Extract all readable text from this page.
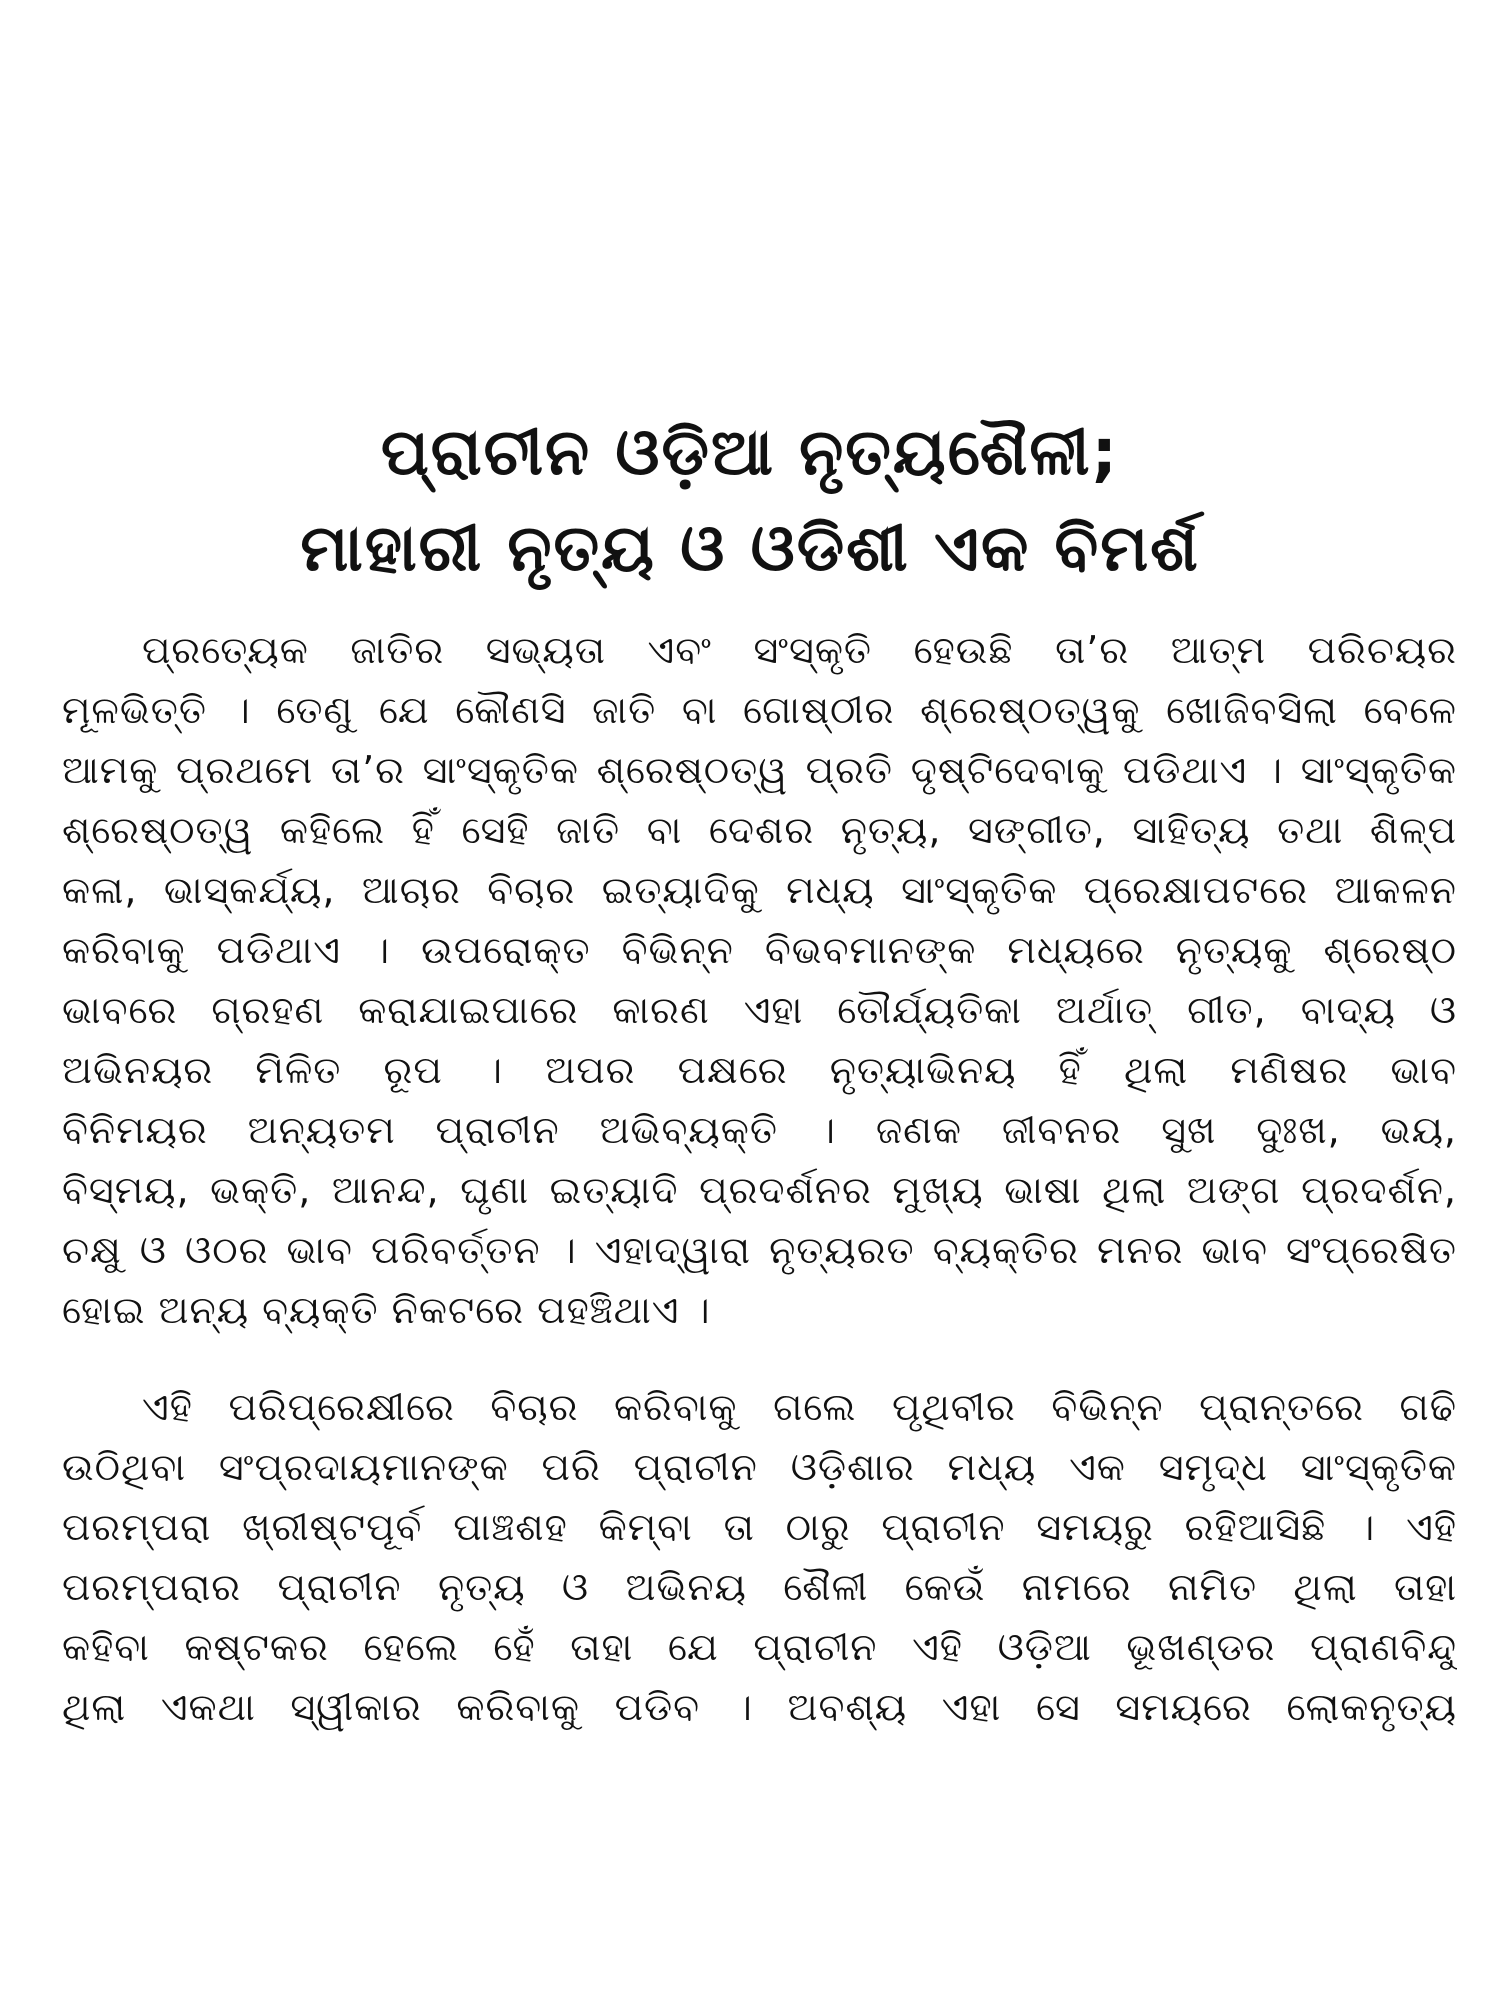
ପ୍ରାଚୀନ ଓଡ଼ିଆ ନୃତ୍ୟଶୈଳୀ;
ମାହାରୀ ନୃତ୍ୟ ଓ ଓଡିଶୀ ଏକ ବିମର୍ଶ
ପ୍ରତ୍ୟେକ ଜାତିର ସଭ୍ୟତା ଏବଂ ସଂସ୍କୃତି ହେଉଛି ତା’ର ଆତ୍ମ ପରିଚୟର
ମୂଳଭିତ୍ତି । ତେଣୁ ଯେ କୌଣସି ଜାତି ବା ଗୋଷ୍ଠୀର ଶ୍ରେଷ୍ଠତ୍ୱକୁ ଖୋଜିବସିଲା ବେଳେ
ଆମକୁ ପ୍ରଥମେ ତା’ର ସାଂସ୍କୃତିକ ଶ୍ରେଷ୍ଠତ୍ୱ ପ୍ରତି ଦୃଷ୍ଟିଦେବାକୁ ପଡିଥାଏ । ସାଂସ୍କୃତିକ
ଶ୍ରେଷ୍ଠତ୍ୱ କହିଲେ ହିଁ ସେହି ଜାତି ବା ଦେଶର ନୃତ୍ୟ, ସଙ୍ଗୀତ, ସାହିତ୍ୟ ତଥା ଶିଳ୍ପ
କଳା, ଭାସ୍କର୍ଯ୍ୟ, ଆଚାର ବିଚାର ଇତ୍ୟାଦିକୁ ମଧ୍ୟ ସାଂସ୍କୃତିକ ପ୍ରେକ୍ଷାପଟରେ ଆକଳନ
କରିବାକୁ ପଡିଥାଏ । ଉପରୋକ୍ତ ବିଭିନ୍ନ ବିଭବମାନଙ୍କ ମଧ୍ୟରେ ନୃତ୍ୟକୁ ଶ୍ରେଷ୍ଠ
ଭାବରେ ଗ୍ରହଣ କରାଯାଇପାରେ କାରଣ ଏହା ତୌର୍ଯ୍ୟତିକା ଅର୍ଥାତ୍ ଗୀତ, ବାଦ୍ୟ ଓ
ଅଭିନୟର ମିଳିତ ରୂପ । ଅପର ପକ୍ଷରେ ନୃତ୍ୟାଭିନୟ ହିଁ ଥିଲା ମଣିଷର ଭାବ
ବିନିମୟର ଅନ୍ୟତମ ପ୍ରାଚୀନ ଅଭିବ୍ୟକ୍ତି । ଜଣକ ଜୀବନର ସୁଖ ଦୁଃଖ, ଭୟ,
ବିସ୍ମୟ, ଭକ୍ତି, ଆନନ୍ଦ, ଘୃଣା ଇତ୍ୟାଦି ପ୍ରଦର୍ଶନର ମୁଖ୍ୟ ଭାଷା ଥିଲା ଅଙ୍ଗ ପ୍ରଦର୍ଶନ,
ଚକ୍ଷୁ ଓ ଓଠର ଭାବ ପରିବର୍ତ୍ତନ । ଏହାଦ୍ୱାରା ନୃତ୍ୟରତ ବ୍ୟକ୍ତିର ମନର ଭାବ ସଂପ୍ରେଷିତ
ହୋଇ ଅନ୍ୟ ବ୍ୟକ୍ତି ନିକଟରେ ପହଞ୍ଚିଥାଏ ।
ଏହି ପରିପ୍ରେକ୍ଷୀରେ ବିଚାର କରିବାକୁ ଗଲେ ପୃଥିବୀର ବିଭିନ୍ନ ପ୍ରାନ୍ତରେ ଗଢି
ଉଠିଥିବା ସଂପ୍ରଦାୟମାନଙ୍କ ପରି ପ୍ରାଚୀନ ଓଡ଼ିଶାର ମଧ୍ୟ ଏକ ସମୃଦ୍ଧ ସାଂସ୍କୃତିକ
ପରମ୍ପରା ଖ୍ରୀଷ୍ଟପୂର୍ବ ପାଞ୍ଚଶହ କିମ୍ବା ତା ଠାରୁ ପ୍ରାଚୀନ ସମୟରୁ ରହିଆସିଛି । ଏହି
ପରମ୍ପରାର ପ୍ରାଚୀନ ନୃତ୍ୟ ଓ ଅଭିନୟ ଶୈଳୀ କେଉଁ ନାମରେ ନାମିତ ଥିଲା ତାହା
କହିବା କଷ୍ଟକର ହେଲେ ହେଁ ତାହା ଯେ ପ୍ରାଚୀନ ଏହି ଓଡ଼ିଆ ଭୂଖଣ୍ଡର ପ୍ରାଣବିନ୍ଦୁ
ଥିଲା ଏକଥା ସ୍ୱୀକାର କରିବାକୁ ପଡିବ । ଅବଶ୍ୟ ଏହା ସେ ସମୟରେ ଲୋକନୃତ୍ୟ
